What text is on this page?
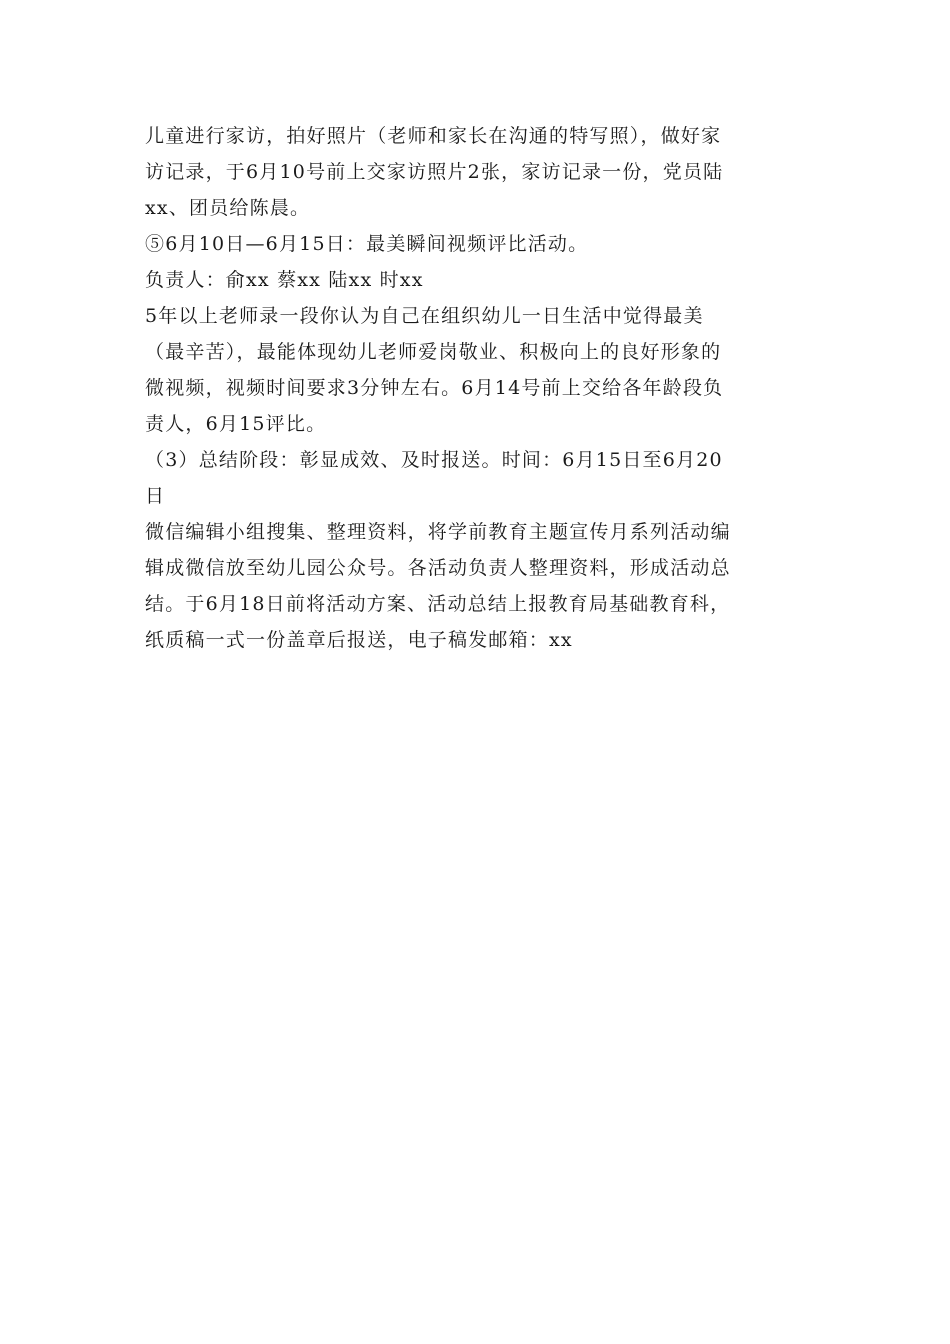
儿童进行家访，拍好照片（老师和家长在沟通的特写照），做好家
访记录，于6月10号前上交家访照片2张，家访记录一份，党员陆
xx、团员给陈晨。
⑤6月10日—6月15日：最美瞬间视频评比活动。
负责人：俞xx 蔡xx 陆xx 时xx
5年以上老师录一段你认为自己在组织幼儿一日生活中觉得最美
（最辛苦），最能体现幼儿老师爱岗敬业、积极向上的良好形象的
微视频，视频时间要求3分钟左右。6月14号前上交给各年龄段负
责人，6月15评比。
（3）总结阶段：彰显成效、及时报送。时间：6月15日至6月20
日
微信编辑小组搜集、整理资料，将学前教育主题宣传月系列活动编
辑成微信放至幼儿园公众号。各活动负责人整理资料，形成活动总
结。于6月18日前将活动方案、活动总结上报教育局基础教育科，
纸质稿一式一份盖章后报送，电子稿发邮箱：xx
